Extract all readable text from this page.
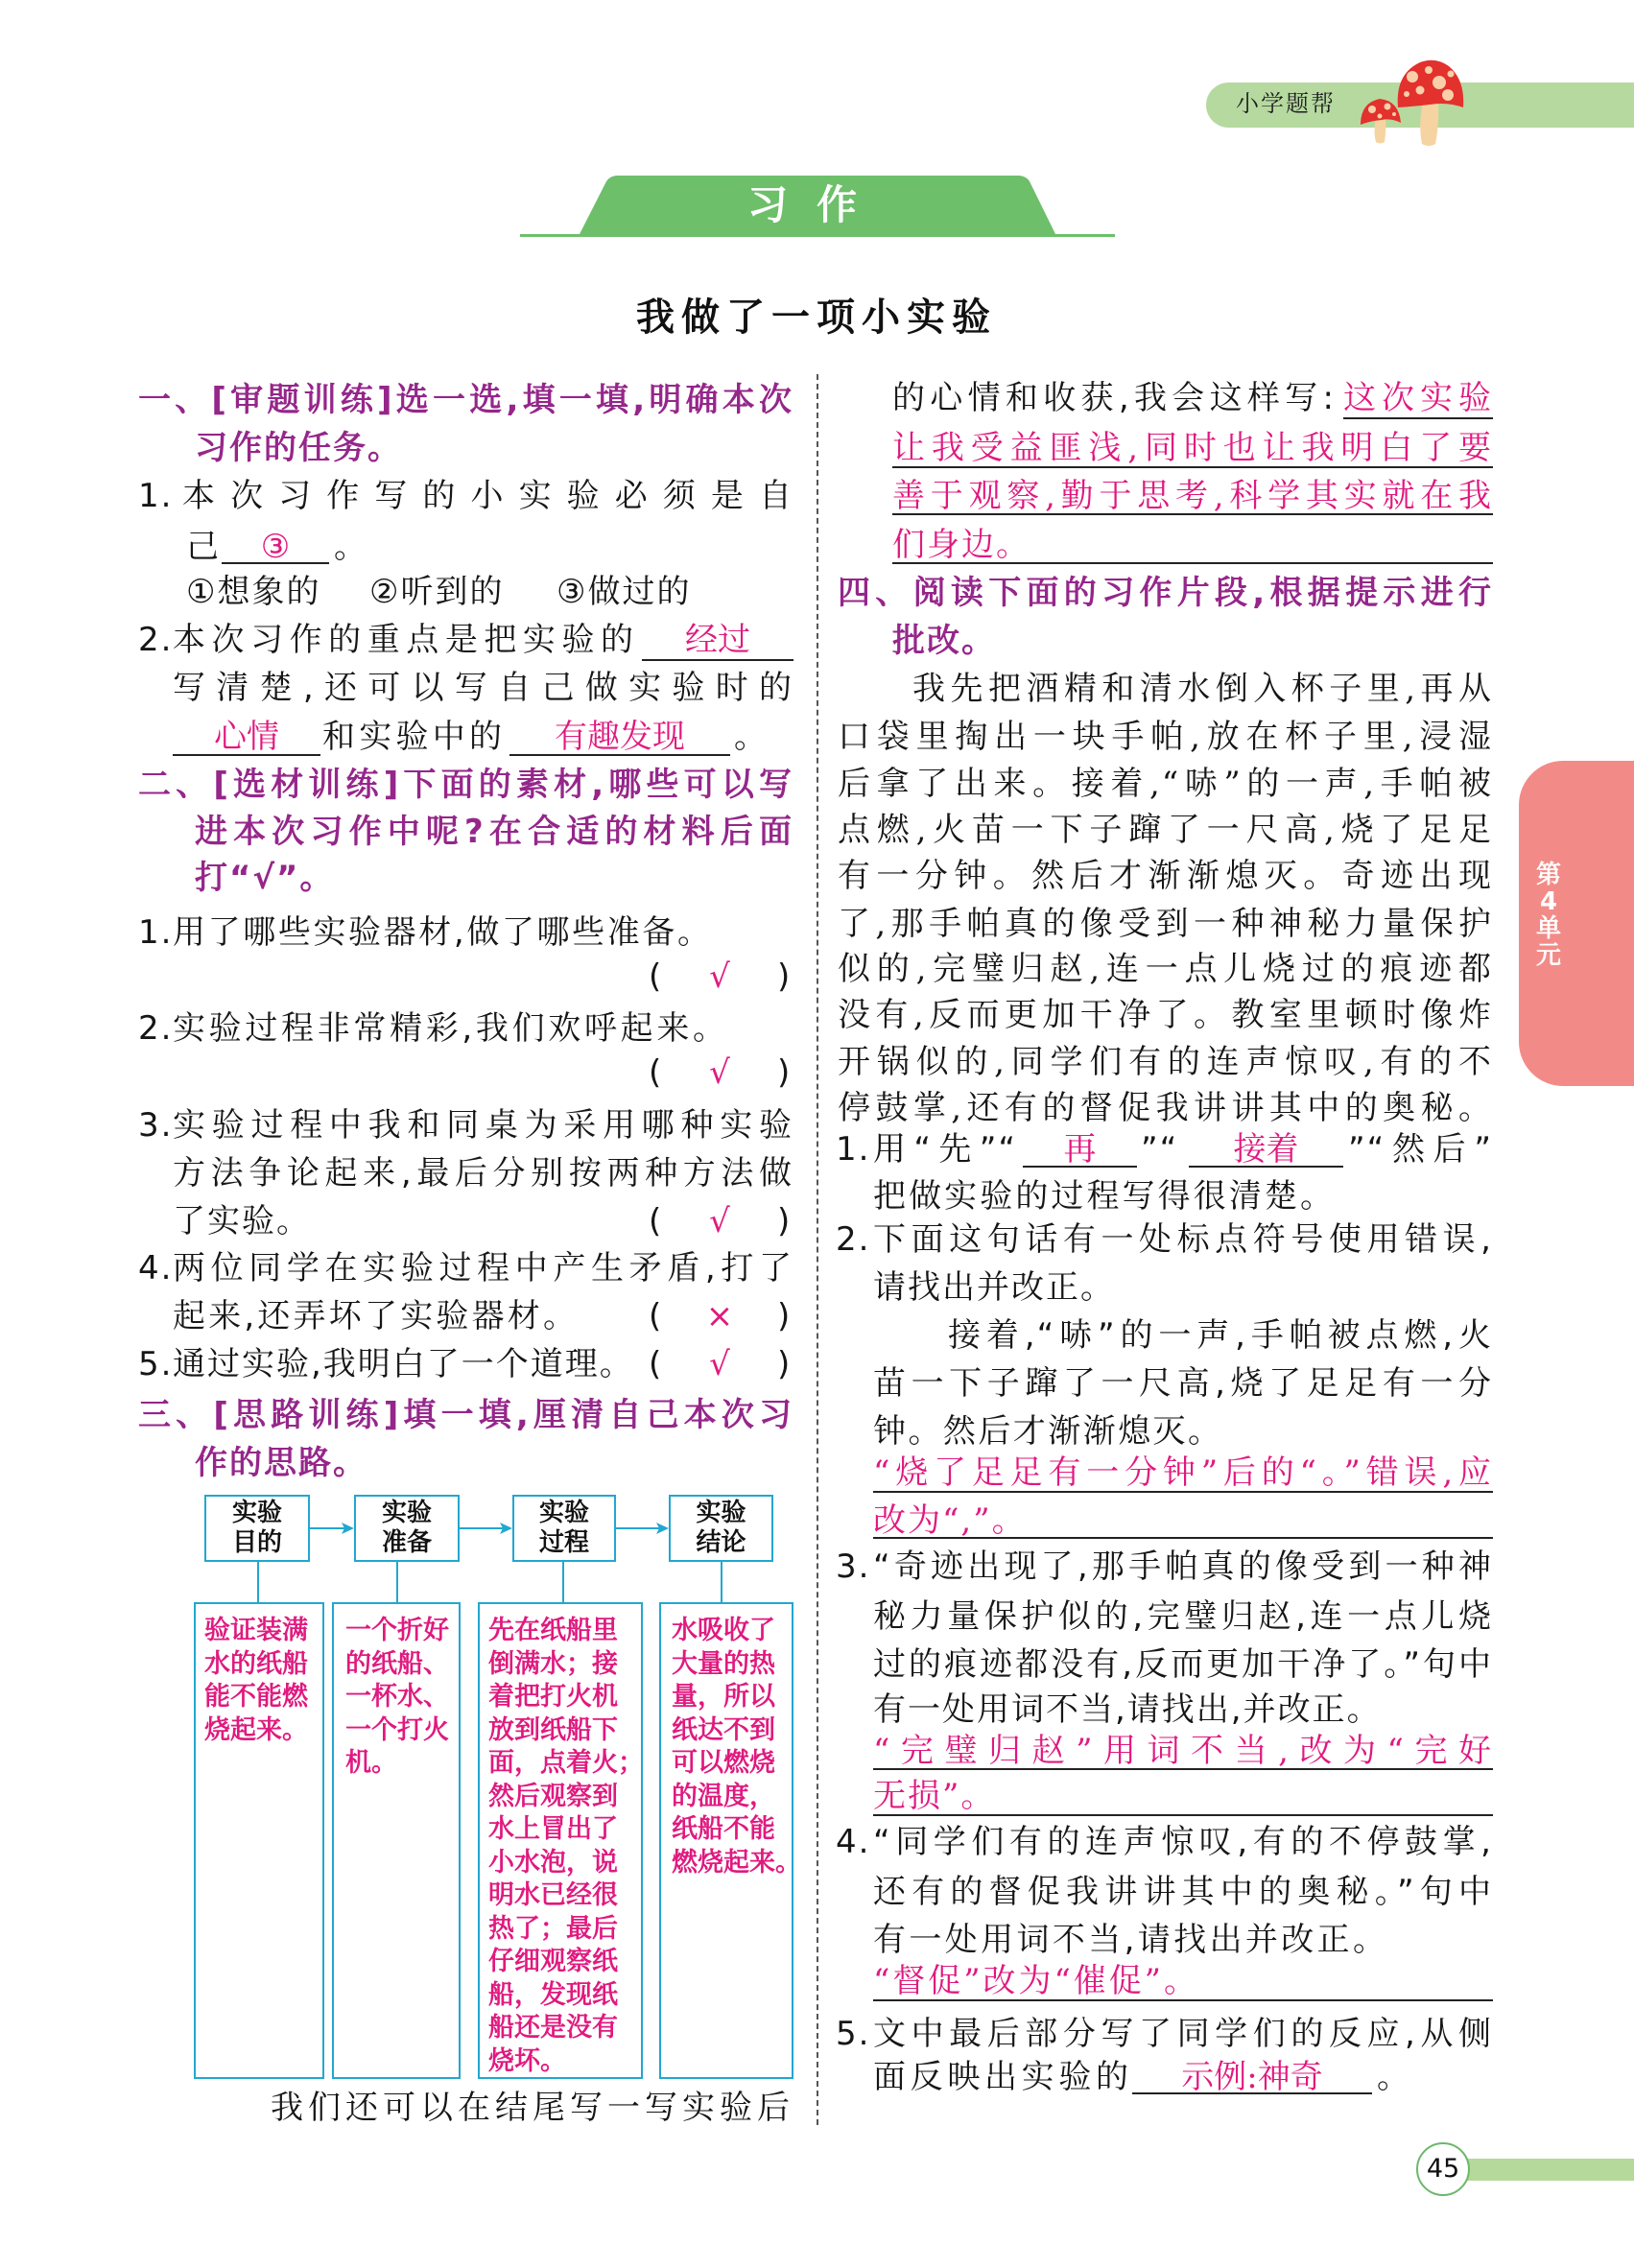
小学题帮
习作
我做了一项小实验
第
4
单
元
一、[审题训练]选一选,填一填,明确本次
习作的任务。
1. 本次习作写的小实验必须是自
己	③	。
①想象的 ②听到的 ③做过的
2. 本次习作的重点是把实验的	经过
写清楚,还可以写自己做实验时的
心情	和实验中的	有趣发现	。
二、[选材训练]下面的素材,哪些可以写
进本次习作中呢?在合适的材料后面
打“√”。
1. 用了哪些实验器材,做了哪些准备。
( √ )
2. 实验过程非常精彩,我们欢呼起来。
( √ )
3. 实验过程中我和同桌为采用哪种实验
方法争论起来,最后分别按两种方法做
了实验。	( √ )
4. 两位同学在实验过程中产生矛盾,打了
起来,还弄坏了实验器材。 ( × )
5. 通过实验,我明白了一个道理。 ( √ )
三、[思路训练]填一填,厘清自己本次习
作的思路。
实验
目的
实验
准备
实验
过程
实验
结论
验证装满
水的纸船
能不能燃
烧起来。
一个折好
的纸船、
一杯水、
一个打火
机。
先在纸船里
倒满水；接
着把打火机
放到纸船下
面，点着火；
然后观察到
水上冒出了
小水泡，说
明水已经很
热了；最后
仔细观察纸
船，发现纸
船还是没有
烧坏。
水吸收了
大量的热
量，所以
纸达不到
可以燃烧
的温度，
纸船不能
燃烧起来。
我们还可以在结尾写一写实验后
的心情和收获,我会这样写: 这次实验
让我受益匪浅,同时也让我明白了要
善于观察,勤于思考,科学其实就在我
们身边。
四、阅读下面的习作片段,根据提示进行
批改。
我先把酒精和清水倒入杯子里,再从
口袋里掏出一块手帕,放在杯子里,浸湿
后拿了出来。接着,“哧”的一声,手帕被
点燃,火苗一下子蹿了一尺高,烧了足足
有一分钟。然后才渐渐熄灭。奇迹出现
了,那手帕真的像受到一种神秘力量保护
似的,完璧归赵,连一点儿烧过的痕迹都
没有,反而更加干净了。教室里顿时像炸
开锅似的,同学们有的连声惊叹,有的不
停鼓掌,还有的督促我讲讲其中的奥秘。
1. 用“先”“	再	”“	接着	”“然后”
把做实验的过程写得很清楚。
2. 下面这句话有一处标点符号使用错误,
请找出并改正。
接着,“哧”的一声,手帕被点燃,火
苗一下子蹿了一尺高,烧了足足有一分
钟。然后才渐渐熄灭。
“烧了足足有一分钟”后的“。”错误,应
改为“,”。
3. “奇迹出现了,那手帕真的像受到一种神
秘力量保护似的,完璧归赵,连一点儿烧
过的痕迹都没有,反而更加干净了。”句中
有一处用词不当,请找出,并改正。
“完璧归赵”用词不当,改为“完好
无损”。
4. “同学们有的连声惊叹,有的不停鼓掌,
还有的督促我讲讲其中的奥秘。”句中
有一处用词不当,请找出并改正。
“督促”改为“催促”。
5. 文中最后部分写了同学们的反应,从侧
面反映出实验的	示例:神奇	。
45
